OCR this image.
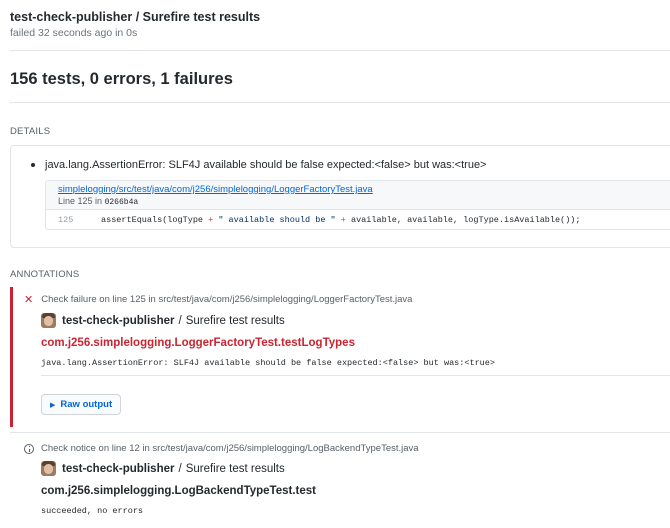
test-check-publisher / Surefire test results
failed 32 seconds ago in 0s
156 tests, 0 errors, 1 failures
DETAILS
java.lang.AssertionError: SLF4J available should be false expected:<false> but was:<true>
simplelogging/src/test/java/com/j256/simplelogging/LoggerFactoryTest.java
Line 125 in 0266b4a
125	assertEquals(logType + " available should be " + available, available, logType.isAvailable());
ANNOTATIONS
✕ Check failure on line 125 in src/test/java/com/j256/simplelogging/LoggerFactoryTest.java
test-check-publisher / Surefire test results
com.j256.simplelogging.LoggerFactoryTest.testLogTypes
java.lang.AssertionError: SLF4J available should be false expected:<false> but was:<true>
▶ Raw output
Check notice on line 12 in src/test/java/com/j256/simplelogging/LogBackendTypeTest.java
test-check-publisher / Surefire test results
com.j256.simplelogging.LogBackendTypeTest.test
succeeded, no errors
